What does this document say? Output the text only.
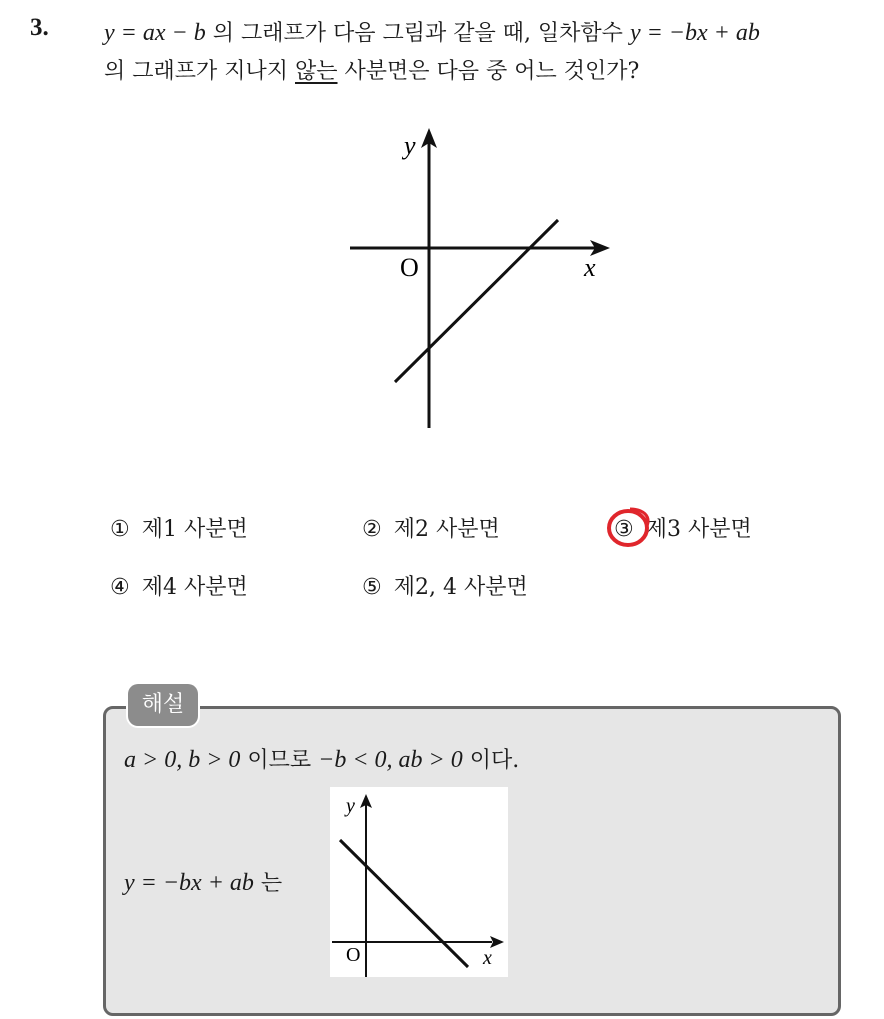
3. y = ax − b 의 그래프가 다음 그림과 같을 때, 일차함수 y = −bx + ab
의 그래프가 지나지 않는 사분면은 다음 중 어느 것인가?
y
x
O
① 제1 사분면	② 제2 사분면	③ 제3 사분면
④ 제4 사분면	⑤ 제2, 4 사분면
해설
a > 0, b > 0 이므로 −b < 0, ab > 0 이다.
y = −bx + ab 는
y
x
O
